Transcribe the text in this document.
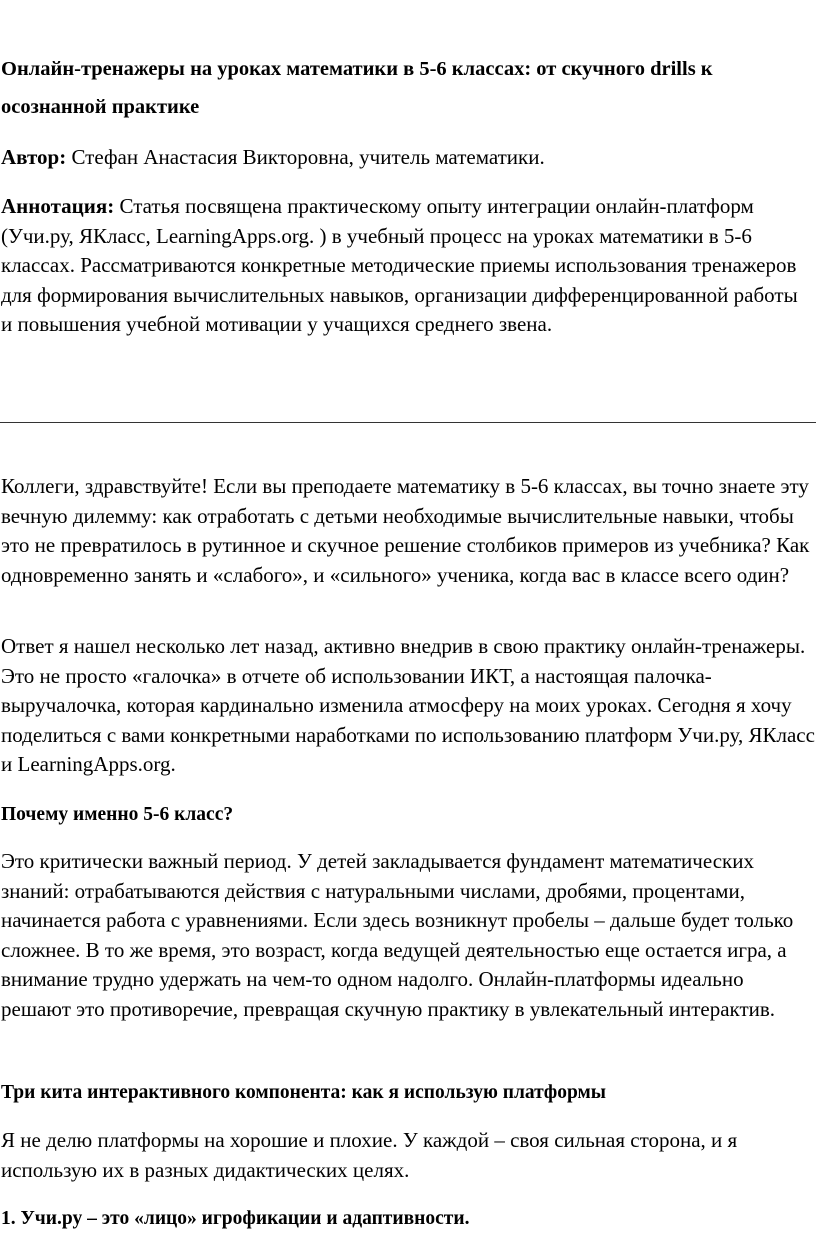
Онлайн-тренажеры на уроках математики в 5-6 классах: от скучного drills к осознанной практике

Автор: Стефан Анастасия Викторовна, учитель математики.

Аннотация: Статья посвящена практическому опыту интеграции онлайн-платформ (Учи.ру, ЯКласс, LearningApps.org. ) в учебный процесс на уроках математики в 5-6 классах. Рассматриваются конкретные методические приемы использования тренажеров для формирования вычислительных навыков, организации дифференцированной работы и повышения учебной мотивации у учащихся среднего звена.

Коллеги, здравствуйте! Если вы преподаете математику в 5-6 классах, вы точно знаете эту вечную дилемму: как отработать с детьми необходимые вычислительные навыки, чтобы это не превратилось в рутинное и скучное решение столбиков примеров из учебника? Как одновременно занять и «слабого», и «сильного» ученика, когда вас в классе всего один?

Ответ я нашел несколько лет назад, активно внедрив в свою практику онлайн-тренажеры. Это не просто «галочка» в отчете об использовании ИКТ, а настоящая палочка-выручалочка, которая кардинально изменила атмосферу на моих уроках. Сегодня я хочу поделиться с вами конкретными наработками по использованию платформ Учи.ру, ЯКласс и LearningApps.org.

Почему именно 5-6 класс?

Это критически важный период. У детей закладывается фундамент математических знаний: отрабатываются действия с натуральными числами, дробями, процентами, начинается работа с уравнениями. Если здесь возникнут пробелы – дальше будет только сложнее. В то же время, это возраст, когда ведущей деятельностью еще остается игра, а внимание трудно удержать на чем-то одном надолго. Онлайн-платформы идеально решают это противоречие, превращая скучную практику в увлекательный интерактив.

Три кита интерактивного компонента: как я использую платформы

Я не делю платформы на хорошие и плохие. У каждой – своя сильная сторона, и я использую их в разных дидактических целях.

1. Учи.ру – это «лицо» игрофикации и адаптивности.
